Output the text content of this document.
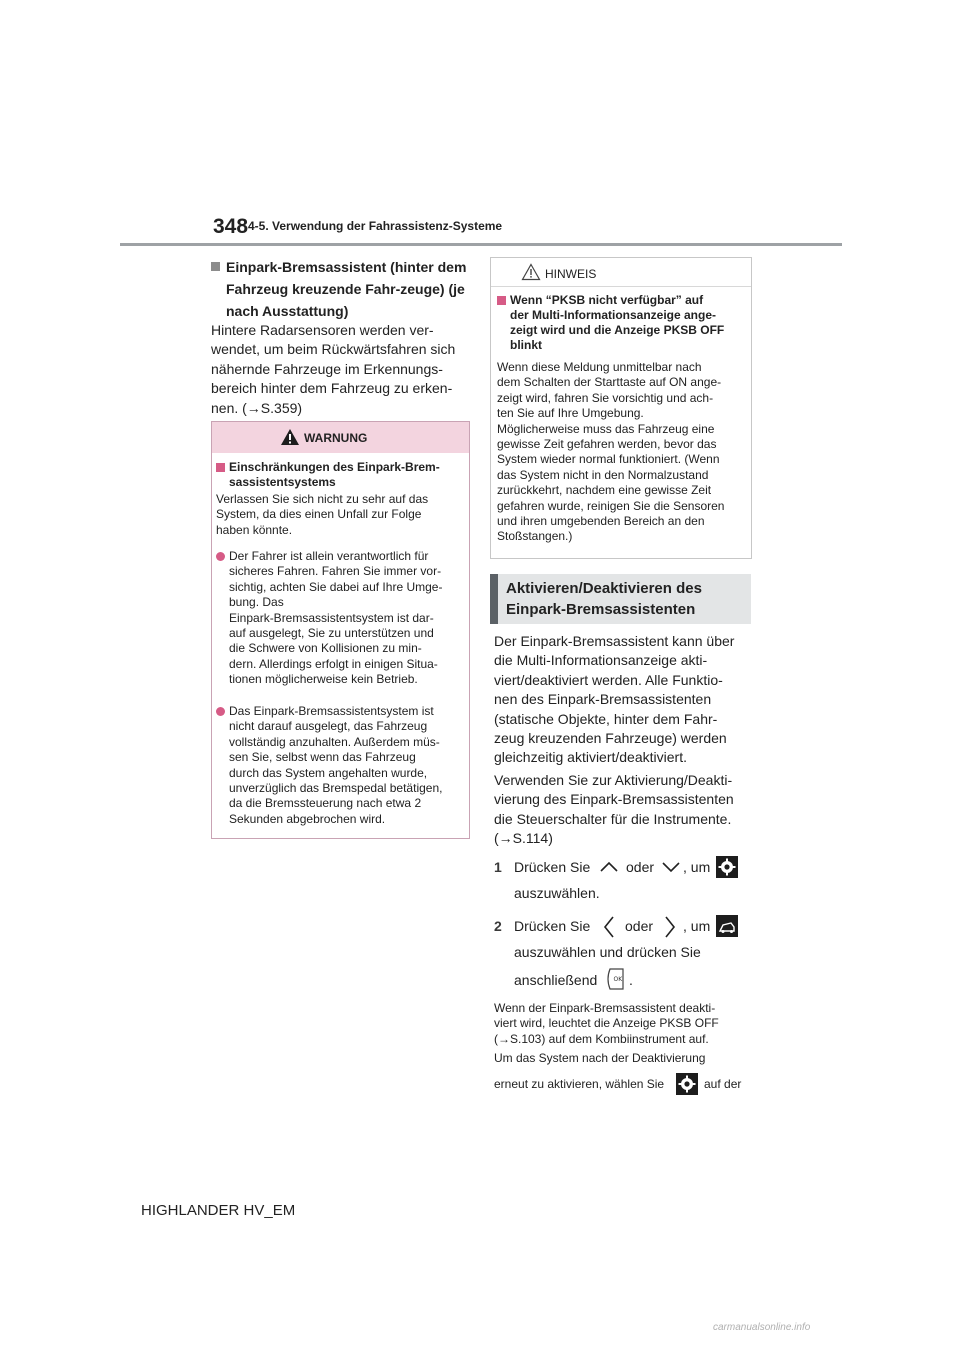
348 4-5. Verwendung der Fahrassistenz-Systeme
Einpark-Bremsassistent (hinter dem Fahrzeug kreuzende Fahr-zeuge) (je nach Ausstattung)
Hintere Radarsensoren werden ver-
wendet, um beim Rückwärtsfahren sich
nähernde Fahrzeuge im Erkennungs-
bereich hinter dem Fahrzeug zu erken-
nen. (→S.359)
WARNUNG
Einschränkungen des Einpark-Brem-
sassistentsystems
Verlassen Sie sich nicht zu sehr auf das
System, da dies einen Unfall zur Folge
haben könnte.
Der Fahrer ist allein verantwortlich für
sicheres Fahren. Fahren Sie immer vor-
sichtig, achten Sie dabei auf Ihre Umge-
bung. Das
Einpark-Bremsassistentsystem ist dar-
auf ausgelegt, Sie zu unterstützen und
die Schwere von Kollisionen zu min-
dern. Allerdings erfolgt in einigen Situa-
tionen möglicherweise kein Betrieb.
Das Einpark-Bremsassistentsystem ist
nicht darauf ausgelegt, das Fahrzeug
vollständig anzuhalten. Außerdem müs-
sen Sie, selbst wenn das Fahrzeug
durch das System angehalten wurde,
unverzüglich das Bremspedal betätigen,
da die Bremssteuerung nach etwa 2
Sekunden abgebrochen wird.
HINWEIS
Wenn “PKSB nicht verfügbar” auf
der Multi-Informationsanzeige ange-
zeigt wird und die Anzeige PKSB OFF
blinkt
Wenn diese Meldung unmittelbar nach
dem Schalten der Starttaste auf ON ange-
zeigt wird, fahren Sie vorsichtig und ach-
ten Sie auf Ihre Umgebung.
Möglicherweise muss das Fahrzeug eine
gewisse Zeit gefahren werden, bevor das
System wieder normal funktioniert. (Wenn
das System nicht in den Normalzustand
zurückkehrt, nachdem eine gewisse Zeit
gefahren wurde, reinigen Sie die Sensoren
und ihren umgebenden Bereich an den
Stoßstangen.)
Aktivieren/Deaktivieren des Einpark-Bremsassistenten
Der Einpark-Bremsassistent kann über
die Multi-Informationsanzeige akti-
viert/deaktiviert werden. Alle Funktio-
nen des Einpark-Bremsassistenten
(statische Objekte, hinter dem Fahr-
zeug kreuzenden Fahrzeuge) werden
gleichzeitig aktiviert/deaktiviert.
Verwenden Sie zur Aktivierung/Deakti-
vierung des Einpark-Bremsassistenten
die Steuerschalter für die Instrumente.
(→S.114)
1 Drücken Sie	oder , um
auszuwählen.
2 Drücken Sie oder , um
auszuwählen und drücken Sie
anschließend	OK .
Wenn der Einpark-Bremsassistent deakti-
viert wird, leuchtet die Anzeige PKSB OFF
(→S.103) auf dem Kombiinstrument auf.
Um das System nach der Deaktivierung
erneut zu aktivieren, wählen Sie	auf der
HIGHLANDER HV_EM
carmanualsonline.info
